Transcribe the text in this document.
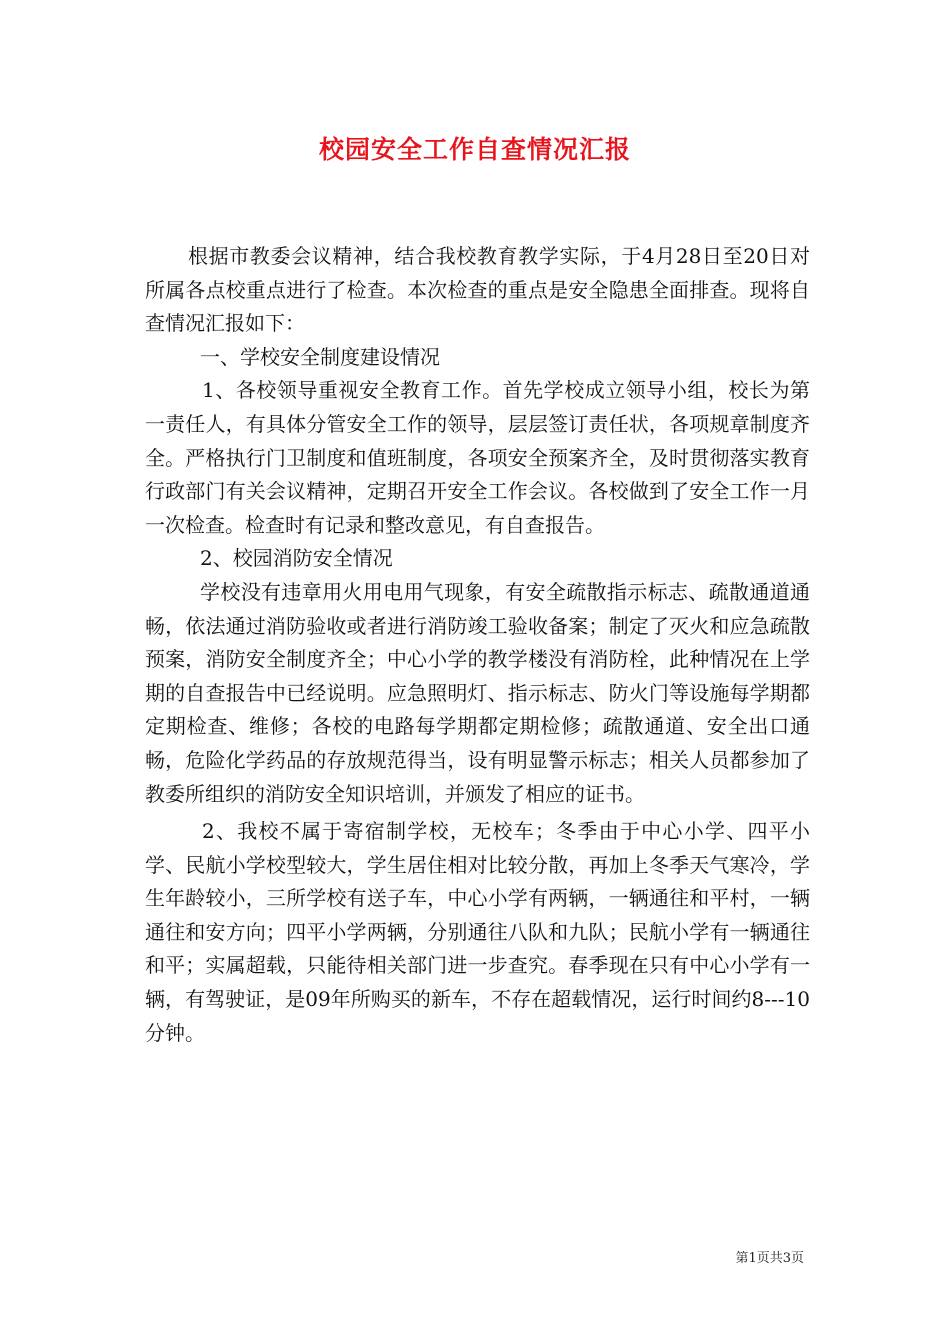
校园安全工作自查情况汇报

根据市教委会议精神，结合我校教育教学实际，于4月28日至20日对所属各点校重点进行了检查。本次检查的重点是安全隐患全面排查。现将自查情况汇报如下：

一、学校安全制度建设情况

1、各校领导重视安全教育工作。首先学校成立领导小组，校长为第一责任人，有具体分管安全工作的领导，层层签订责任状，各项规章制度齐全。严格执行门卫制度和值班制度，各项安全预案齐全，及时贯彻落实教育行政部门有关会议精神，定期召开安全工作会议。各校做到了安全工作一月一次检查。检查时有记录和整改意见，有自查报告。

2、校园消防安全情况

学校没有违章用火用电用气现象，有安全疏散指示标志、疏散通道通畅，依法通过消防验收或者进行消防竣工验收备案；制定了灭火和应急疏散预案，消防安全制度齐全；中心小学的教学楼没有消防栓，此种情况在上学期的自查报告中已经说明。应急照明灯、指示标志、防火门等设施每学期都定期检查、维修；各校的电路每学期都定期检修；疏散通道、安全出口通畅，危险化学药品的存放规范得当，设有明显警示标志；相关人员都参加了教委所组织的消防安全知识培训，并颁发了相应的证书。

2、我校不属于寄宿制学校，无校车；冬季由于中心小学、四平小学、民航小学校型较大，学生居住相对比较分散，再加上冬季天气寒冷，学生年龄较小，三所学校有送子车，中心小学有两辆，一辆通往和平村，一辆通往和安方向；四平小学两辆，分别通往八队和九队；民航小学有一辆通往和平；实属超载，只能待相关部门进一步查究。春季现在只有中心小学有一辆，有驾驶证，是09年所购买的新车，不存在超载情况，运行时间约8---10分钟。

第1页共3页
